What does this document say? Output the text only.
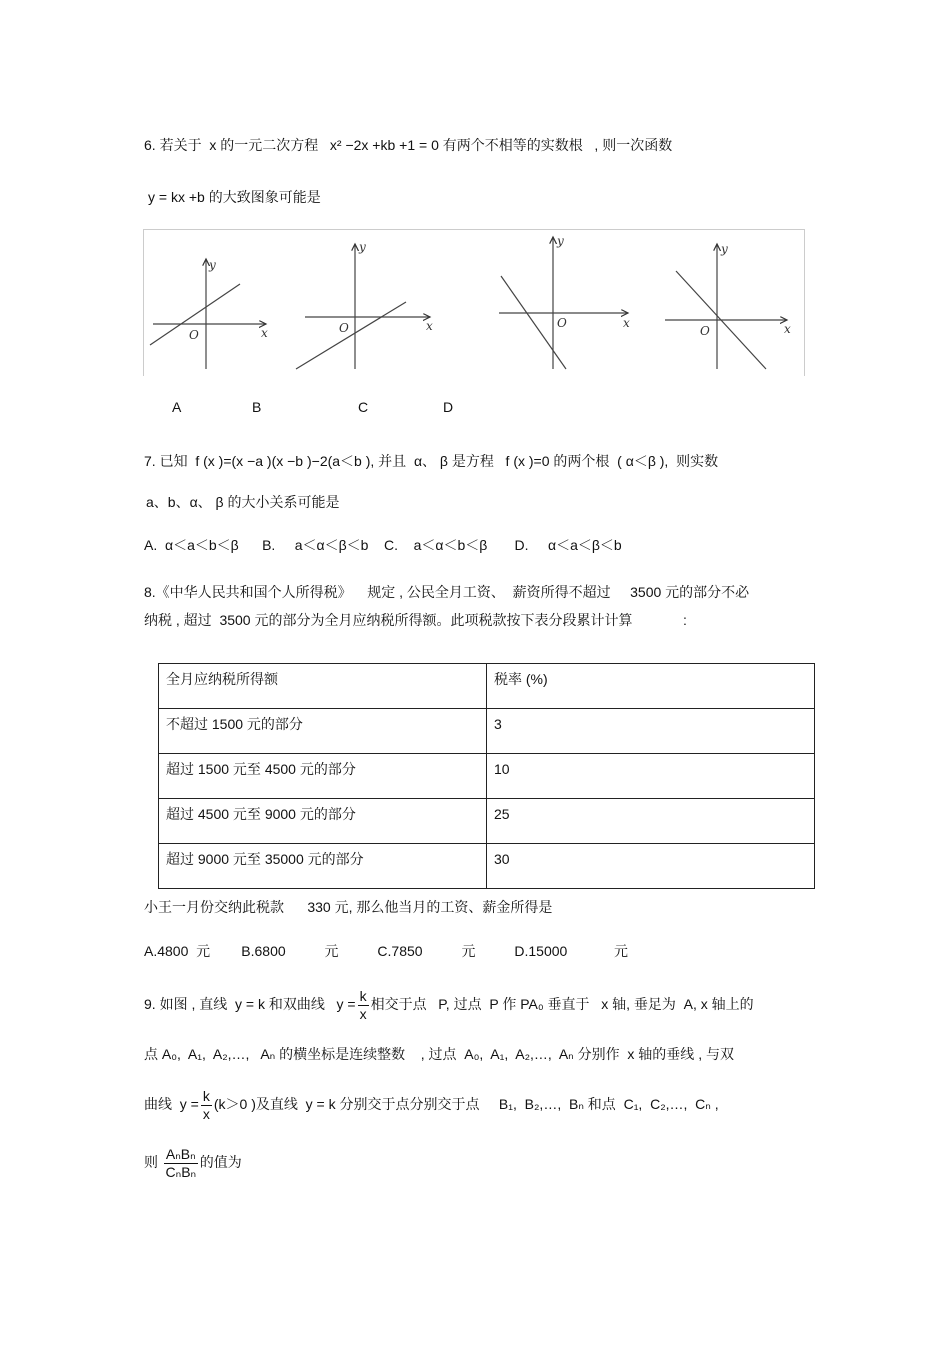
6. 若关于  x 的一元二次方程   x² −2x +kb +1 = 0 有两个不相等的实数根   , 则一次函数
y = kx +b 的大致图象可能是
y
x
O
y
x
O
y
x
O
y
x
O
A	B	C	D
7. 已知  f (x )=(x −a )(x −b )−2(a＜b ), 并且  α、 β 是方程   f (x )=0 的两个根  ( α＜β ),  则实数
a、b、α、 β 的大小关系可能是
A.  α＜a＜b＜β      B.     a＜α＜β＜b    C.    a＜α＜b＜β       D.     α＜a＜β＜b
8.《中华人民共和国个人所得税》    规定 , 公民全月工资、  薪资所得不超过     3500 元的部分不必
纳税 , 超过  3500 元的部分为全月应纳税所得额。此项税款按下表分段累计计算             :
全月应纳税所得额	税率 (%)
不超过 1500 元的部分	3
超过 1500 元至 4500 元的部分	10
超过 4500 元至 9000 元的部分	25
超过 9000 元至 35000 元的部分	30
小王一月份交纳此税款      330 元, 那么他当月的工资、薪金所得是
A.4800  元        B.6800          元          C.7850          元          D.15000            元
9. 如图 , 直线  y = k 和双曲线   $y = \frac{k}{x}$ 相交于点   P, 过点  P 作 PA₀ 垂直于   x 轴, 垂足为  A, x 轴上的
点 A₀,  A₁,  A₂,…,   Aₙ 的横坐标是连续整数    , 过点  A₀,  A₁,  A₂,…,  Aₙ 分别作  x 轴的垂线 , 与双
曲线  $y = \frac{k}{x} (k>0$ )及直线  y = k 分别交于点分别交于点     B₁,  B₂,…,  Bₙ 和点  C₁,  C₂,…,  Cₙ ,
则 $\frac{\text{AₙBₙ}}{\text{CₙBₙ}}$ 的值为
